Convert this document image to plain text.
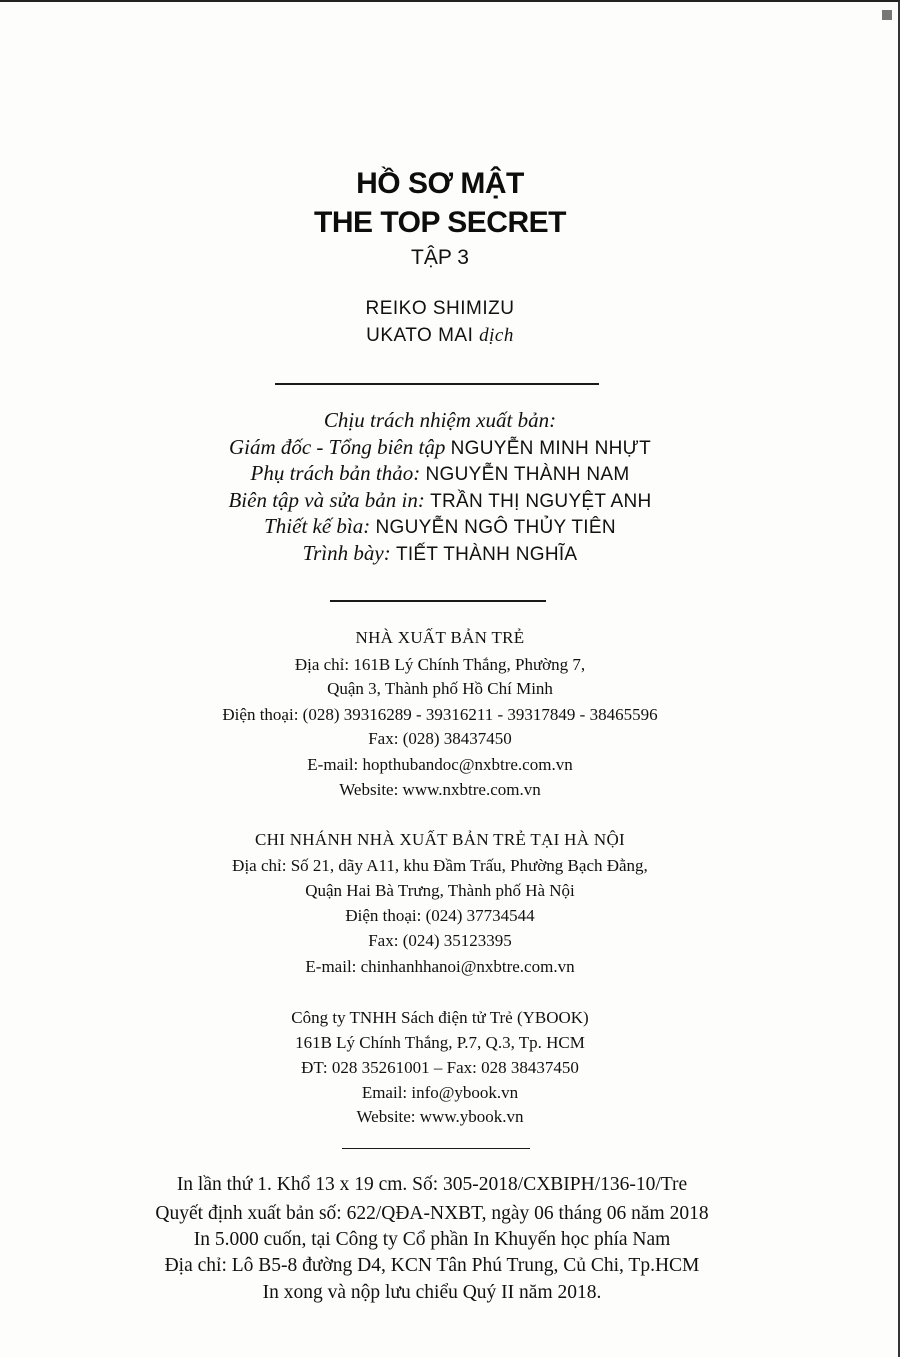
HỒ SƠ MẬT
THE TOP SECRET
TẬP 3
REIKO SHIMIZU
UKATO MAI dịch
Chịu trách nhiệm xuất bản:
Giám đốc - Tổng biên tập NGUYỄN MINH NHỰT
Phụ trách bản thảo: NGUYỄN THÀNH NAM
Biên tập và sửa bản in: TRẦN THỊ NGUYỆT ANH
Thiết kế bìa: NGUYỄN NGÔ THỦY TIÊN
Trình bày: TIẾT THÀNH NGHĨA
NHÀ XUẤT BẢN TRẺ
Địa chỉ: 161B Lý Chính Thắng, Phường 7,
Quận 3, Thành phố Hồ Chí Minh
Điện thoại: (028) 39316289 - 39316211 - 39317849 - 38465596
Fax: (028) 38437450
E-mail: hopthubandoc@nxbtre.com.vn
Website: www.nxbtre.com.vn
CHI NHÁNH NHÀ XUẤT BẢN TRẺ TẠI HÀ NỘI
Địa chỉ: Số 21, dãy A11, khu Đầm Trấu, Phường Bạch Đằng,
Quận Hai Bà Trưng, Thành phố Hà Nội
Điện thoại: (024) 37734544
Fax: (024) 35123395
E-mail: chinhanhhanoi@nxbtre.com.vn
Công ty TNHH Sách điện tử Trẻ (YBOOK)
161B Lý Chính Thắng, P.7, Q.3, Tp. HCM
ĐT: 028 35261001 – Fax: 028 38437450
Email: info@ybook.vn
Website: www.ybook.vn
In lần thứ 1. Khổ 13 x 19 cm. Số: 305-2018/CXBIPH/136-10/Tre
Quyết định xuất bản số: 622/QĐA-NXBT, ngày 06 tháng 06 năm 2018
In 5.000 cuốn, tại Công ty Cổ phần In Khuyến học phía Nam
Địa chỉ: Lô B5-8 đường D4, KCN Tân Phú Trung, Củ Chi, Tp.HCM
In xong và nộp lưu chiểu Quý II năm 2018.
